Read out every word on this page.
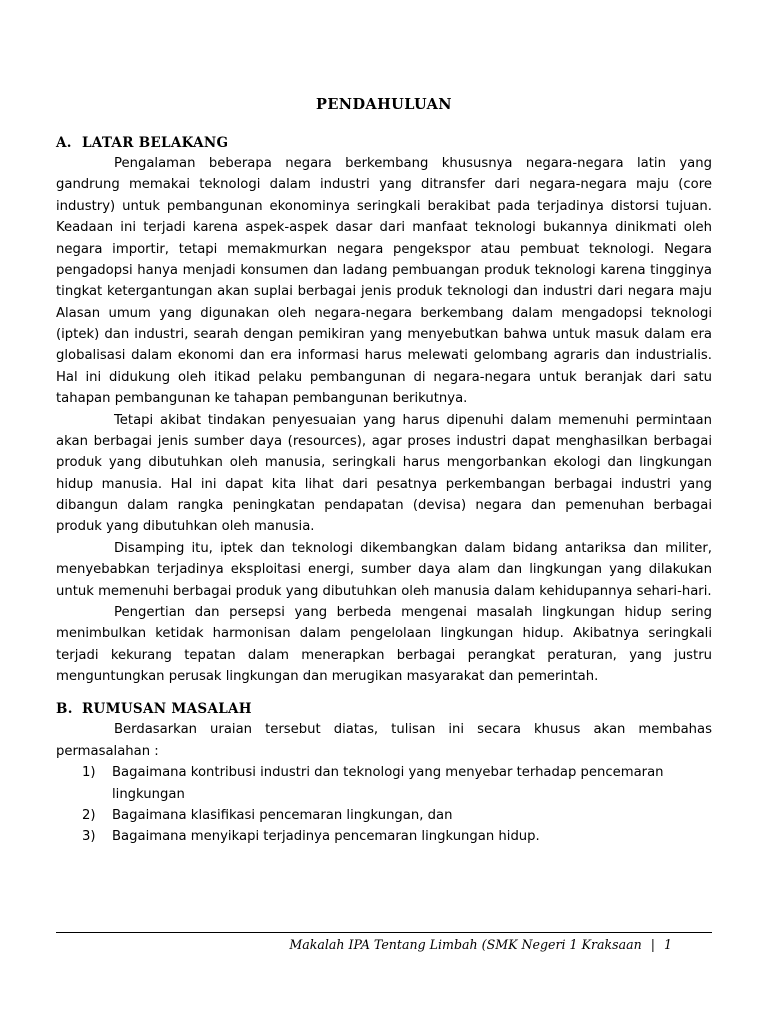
PENDAHULUAN
A. LATAR BELAKANG

Pengalaman beberapa negara berkembang khususnya negara-negara latin yang gandrung memakai teknologi dalam industri yang ditransfer dari negara-negara maju (core industry) untuk pembangunan ekonominya seringkali berakibat pada terjadinya distorsi tujuan. Keadaan ini terjadi karena aspek-aspek dasar dari manfaat teknologi bukannya dinikmati oleh negara importir, tetapi memakmurkan negara pengekspor atau pembuat teknologi. Negara pengadopsi hanya menjadi konsumen dan ladang pembuangan produk teknologi karena tingginya tingkat ketergantungan akan suplai berbagai jenis produk teknologi dan industri dari negara maju Alasan umum yang digunakan oleh negara-negara berkembang dalam mengadopsi teknologi (iptek) dan industri, searah dengan pemikiran yang menyebutkan bahwa untuk masuk dalam era globalisasi dalam ekonomi dan era informasi harus melewati gelombang agraris dan industrialis. Hal ini didukung oleh itikad pelaku pembangunan di negara-negara untuk beranjak dari satu tahapan pembangunan ke tahapan pembangunan berikutnya.

Tetapi akibat tindakan penyesuaian yang harus dipenuhi dalam memenuhi permintaan akan berbagai jenis sumber daya (resources), agar proses industri dapat menghasilkan berbagai produk yang dibutuhkan oleh manusia, seringkali harus mengorbankan ekologi dan lingkungan hidup manusia. Hal ini dapat kita lihat dari pesatnya perkembangan berbagai industri yang dibangun dalam rangka peningkatan pendapatan (devisa) negara dan pemenuhan berbagai produk yang dibutuhkan oleh manusia.

Disamping itu, iptek dan teknologi dikembangkan dalam bidang antariksa dan militer, menyebabkan terjadinya eksploitasi energi, sumber daya alam dan lingkungan yang dilakukan untuk memenuhi berbagai produk yang dibutuhkan oleh manusia dalam kehidupannya sehari-hari.

Pengertian dan persepsi yang berbeda mengenai masalah lingkungan hidup sering menimbulkan ketidak harmonisan dalam pengelolaan lingkungan hidup. Akibatnya seringkali terjadi kekurang tepatan dalam menerapkan berbagai perangkat peraturan, yang justru menguntungkan perusak lingkungan dan merugikan masyarakat dan pemerintah.

B. RUMUSAN MASALAH

Berdasarkan uraian tersebut diatas, tulisan ini secara khusus akan membahas permasalahan :

1)	Bagaimana kontribusi industri dan teknologi yang menyebar terhadap pencemaran lingkungan
2)	Bagaimana klasifikasi pencemaran lingkungan, dan
3)	Bagaimana menyikapi terjadinya pencemaran lingkungan hidup.
Makalah IPA Tentang Limbah (SMK Negeri 1 Kraksaan | 1
